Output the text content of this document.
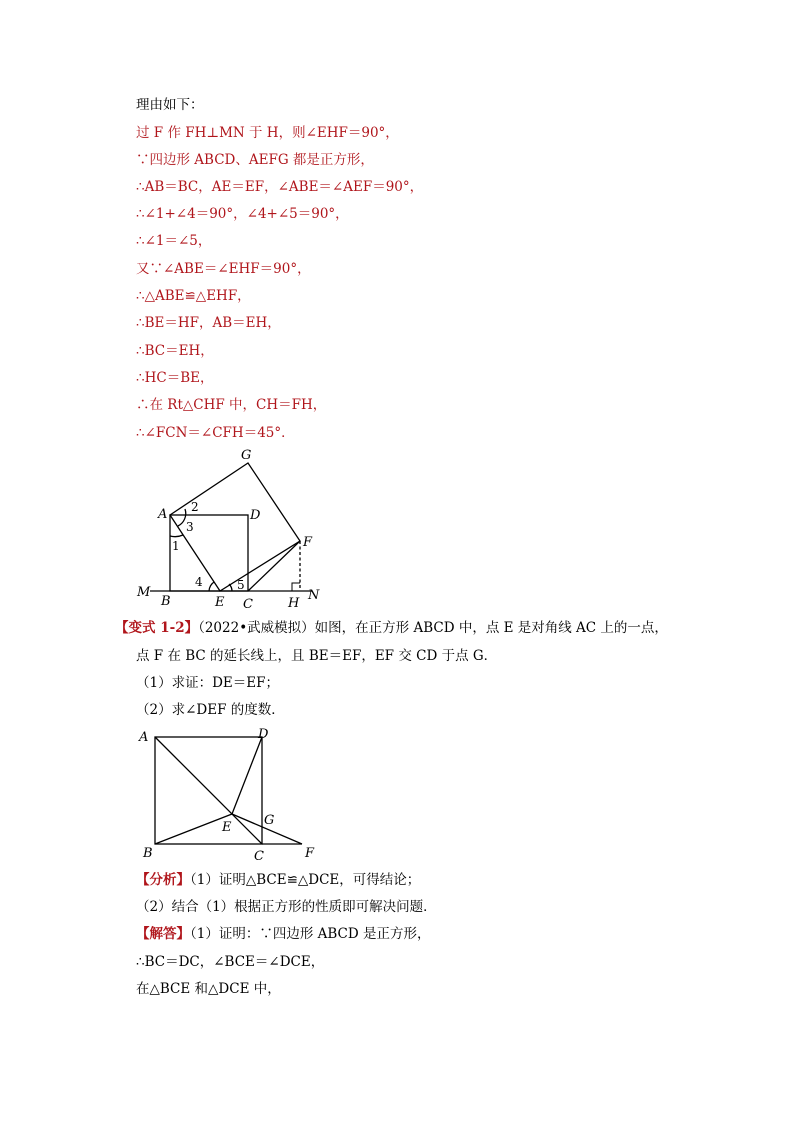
理由如下：
过 F 作 FH⊥MN 于 H，则∠EHF＝90°，
∵四边形 ABCD、AEFG 都是正方形，
∴AB＝BC，AE＝EF，∠ABE＝∠AEF＝90°，
∴∠1+∠4＝90°，∠4+∠5＝90°，
∴∠1＝∠5，
又∵∠ABE＝∠EHF＝90°，
∴△ABE≌△EHF，
∴BE＝HF，AB＝EH，
∴BC＝EH，
∴HC＝BE，
∴在 Rt△CHF 中，CH＝FH，
∴∠FCN＝∠CFH＝45°．
A
B	C
D
E
F
G
H
M	N
1
2
3
4	5
【变式 1-2】（2022•武威模拟）如图，在正方形 ABCD 中，点 E 是对角线 AC 上的一点，
点 F 在 BC 的延长线上，且 BE＝EF，EF 交 CD 于点 G．
（1）求证：DE＝EF；
（2）求∠DEF 的度数．
A
B	C
D
E
F
G
【分析】（1）证明△BCE≌△DCE，可得结论；
（2）结合（1）根据正方形的性质即可解决问题．
【解答】（1）证明：∵四边形 ABCD 是正方形，
∴BC＝DC，∠BCE＝∠DCE，
在△BCE 和△DCE 中，
